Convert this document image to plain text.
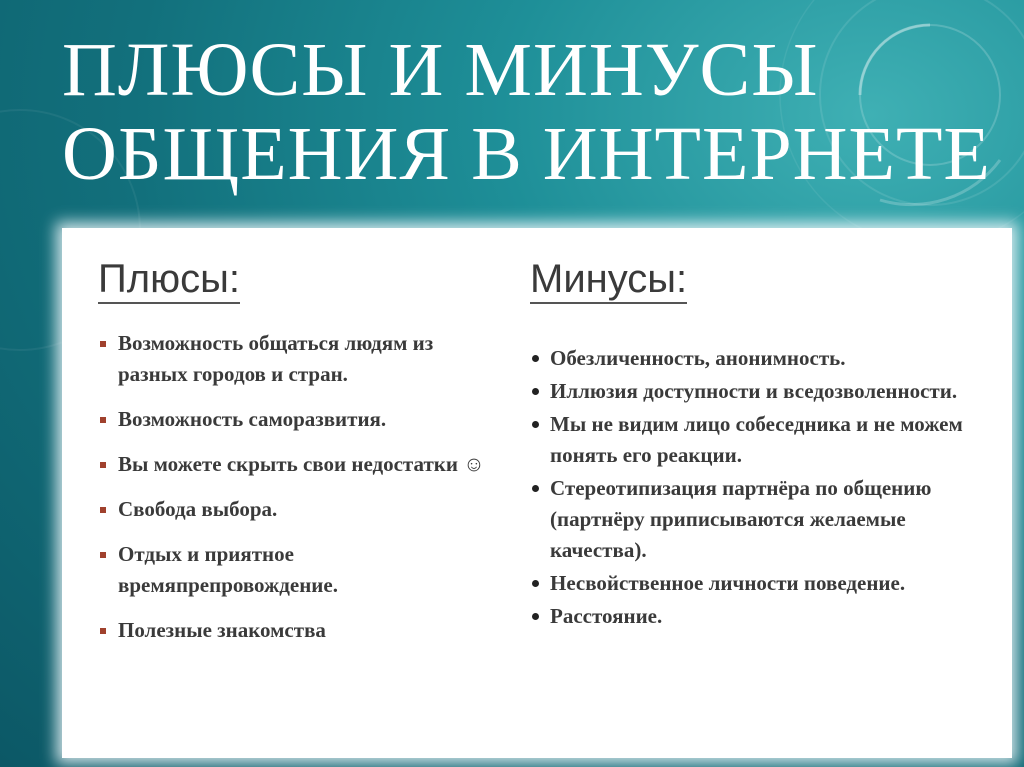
ПЛЮСЫ И МИНУСЫ
ОБЩЕНИЯ В ИНТЕРНЕТЕ
Плюсы:
Возможность общаться людям из разных городов и стран.
Возможность саморазвития.
Вы можете скрыть свои недостатки ☺
Свобода выбора.
Отдых и приятное времяпрепровождение.
Полезные знакомства
Минусы:
Обезличенность, анонимность.
Иллюзия доступности и вседозволенности.
Мы не видим лицо собеседника и не можем понять его реакции.
Стереотипизация партнёра по общению (партнёру приписываются желаемые качества).
Несвойственное личности поведение.
Расстояние.
